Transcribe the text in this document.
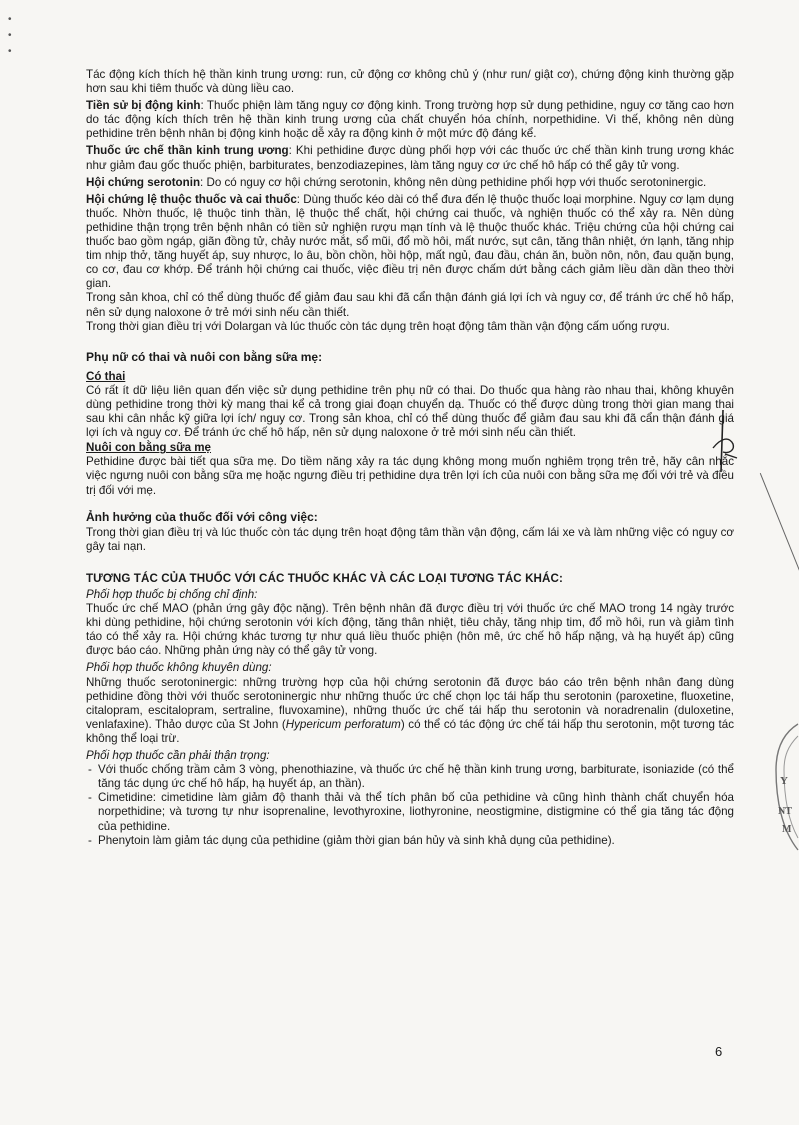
•
•
•

Tác động kích thích hệ thần kinh trung ương: run, cử động cơ không chủ ý (như run/ giật cơ), chứng động kinh thường gặp hơn sau khi tiêm thuốc và dùng liều cao.

Tiền sử bị động kinh: Thuốc phiện làm tăng nguy cơ động kinh. Trong trường hợp sử dụng pethidine, nguy cơ tăng cao hơn do tác động kích thích trên hệ thần kinh trung ương của chất chuyển hóa chính, norpethidine. Vì thế, không nên dùng pethidine trên bệnh nhân bị động kinh hoặc dễ xảy ra động kinh ở một mức độ đáng kể.

Thuốc ức chế thần kinh trung ương: Khi pethidine được dùng phối hợp với các thuốc ức chế thần kinh trung ương khác như giảm đau gốc thuốc phiện, barbiturates, benzodiazepines, làm tăng nguy cơ ức chế hô hấp có thể gây tử vong.

Hội chứng serotonin: Do có nguy cơ hội chứng serotonin, không nên dùng pethidine phối hợp với thuốc serotoninergic.

Hội chứng lệ thuộc thuốc và cai thuốc: Dùng thuốc kéo dài có thể đưa đến lệ thuộc thuốc loại morphine. Nguy cơ lạm dụng thuốc. Nhờn thuốc, lệ thuộc tinh thần, lệ thuộc thể chất, hội chứng cai thuốc, và nghiện thuốc có thể xảy ra. Nên dùng pethidine thận trọng trên bệnh nhân có tiền sử nghiện rượu mạn tính và lệ thuộc thuốc khác. Triệu chứng của hội chứng cai thuốc bao gồm ngáp, giãn đồng tử, chảy nước mắt, sổ mũi, đổ mồ hôi, mất nước, sụt cân, tăng thân nhiệt, ớn lạnh, tăng nhịp tim nhịp thở, tăng huyết áp, suy nhược, lo âu, bồn chồn, hồi hộp, mất ngủ, đau đầu, chán ăn, buồn nôn, nôn, đau quặn bụng, co cơ, đau cơ khớp. Để tránh hội chứng cai thuốc, việc điều trị nên được chấm dứt bằng cách giảm liều dần dần theo thời gian.

Trong sản khoa, chỉ có thể dùng thuốc để giảm đau sau khi đã cẩn thận đánh giá lợi ích và nguy cơ, để tránh ức chế hô hấp, nên sử dụng naloxone ở trẻ mới sinh nếu cần thiết.

Trong thời gian điều trị với Dolargan và lúc thuốc còn tác dụng trên hoạt động tâm thần vận động cấm uống rượu.

Phụ nữ có thai và nuôi con bằng sữa mẹ:
Có thai

Có rất ít dữ liệu liên quan đến việc sử dụng pethidine trên phụ nữ có thai. Do thuốc qua hàng rào nhau thai, không khuyên dùng pethidine trong thời kỳ mang thai kể cả trong giai đoạn chuyển dạ. Thuốc có thể được dùng trong thời gian mang thai sau khi cân nhắc kỹ giữa lợi ích/ nguy cơ. Trong sản khoa, chỉ có thể dùng thuốc để giảm đau sau khi đã cẩn thận đánh giá lợi ích và nguy cơ. Để tránh ức chế hô hấp, nên sử dụng naloxone ở trẻ mới sinh nếu cần thiết.

Nuôi con bằng sữa mẹ

Pethidine được bài tiết qua sữa mẹ. Do tiềm năng xảy ra tác dụng không mong muốn nghiêm trọng trên trẻ, hãy cân nhắc việc ngưng nuôi con bằng sữa mẹ hoặc ngưng điều trị pethidine dựa trên lợi ích của nuôi con bằng sữa mẹ đối với trẻ và điều trị đối với mẹ.

Ảnh hưởng của thuốc đối với công việc:

Trong thời gian điều trị và lúc thuốc còn tác dụng trên hoạt động tâm thần vận động, cấm lái xe và làm những việc có nguy cơ gây tai nạn.

TƯƠNG TÁC CỦA THUỐC VỚI CÁC THUỐC KHÁC VÀ CÁC LOẠI TƯƠNG TÁC KHÁC:
Phối hợp thuốc bị chống chỉ định:

Thuốc ức chế MAO (phản ứng gây độc nặng). Trên bệnh nhân đã được điều trị với thuốc ức chế MAO trong 14 ngày trước khi dùng pethidine, hội chứng serotonin với kích động, tăng thân nhiệt, tiêu chảy, tăng nhịp tim, đổ mồ hôi, run và giảm tình táo có thể xảy ra. Hội chứng khác tương tự như quá liều thuốc phiện (hôn mê, ức chế hô hấp nặng, và hạ huyết áp) cũng được báo cáo. Những phản ứng này có thể gây tử vong.

Phối hợp thuốc không khuyên dùng:

Những thuốc serotoninergic: những trường hợp của hội chứng serotonin đã được báo cáo trên bệnh nhân đang dùng pethidine đồng thời với thuốc serotoninergic như những thuốc ức chế chọn lọc tái hấp thu serotonin (paroxetine, fluoxetine, citalopram, escitalopram, sertraline, fluvoxamine), những thuốc ức chế tái hấp thu serotonin và noradrenalin (duloxetine, venlafaxine). Thảo dược của St John (Hypericum perforatum) có thể có tác động ức chế tái hấp thu serotonin, một tương tác không thể loại trừ.

Phối hợp thuốc cần phải thận trọng:
- Với thuốc chống trầm cảm 3 vòng, phenothiazine, và thuốc ức chế hệ thần kinh trung ương, barbiturate, isoniazide (có thể tăng tác dụng ức chế hô hấp, hạ huyết áp, an thần).
- Cimetidine: cimetidine làm giảm độ thanh thải và thể tích phân bố của pethidine và cũng hình thành chất chuyển hóa norpethidine; và tương tự như isoprenaline, levothyroxine, liothyronine, neostigmine, distigmine có thể gia tăng tác động của pethidine.
- Phenytoin làm giảm tác dụng của pethidine (giảm thời gian bán hủy và sinh khả dụng của pethidine).
Y
NT
M
6
